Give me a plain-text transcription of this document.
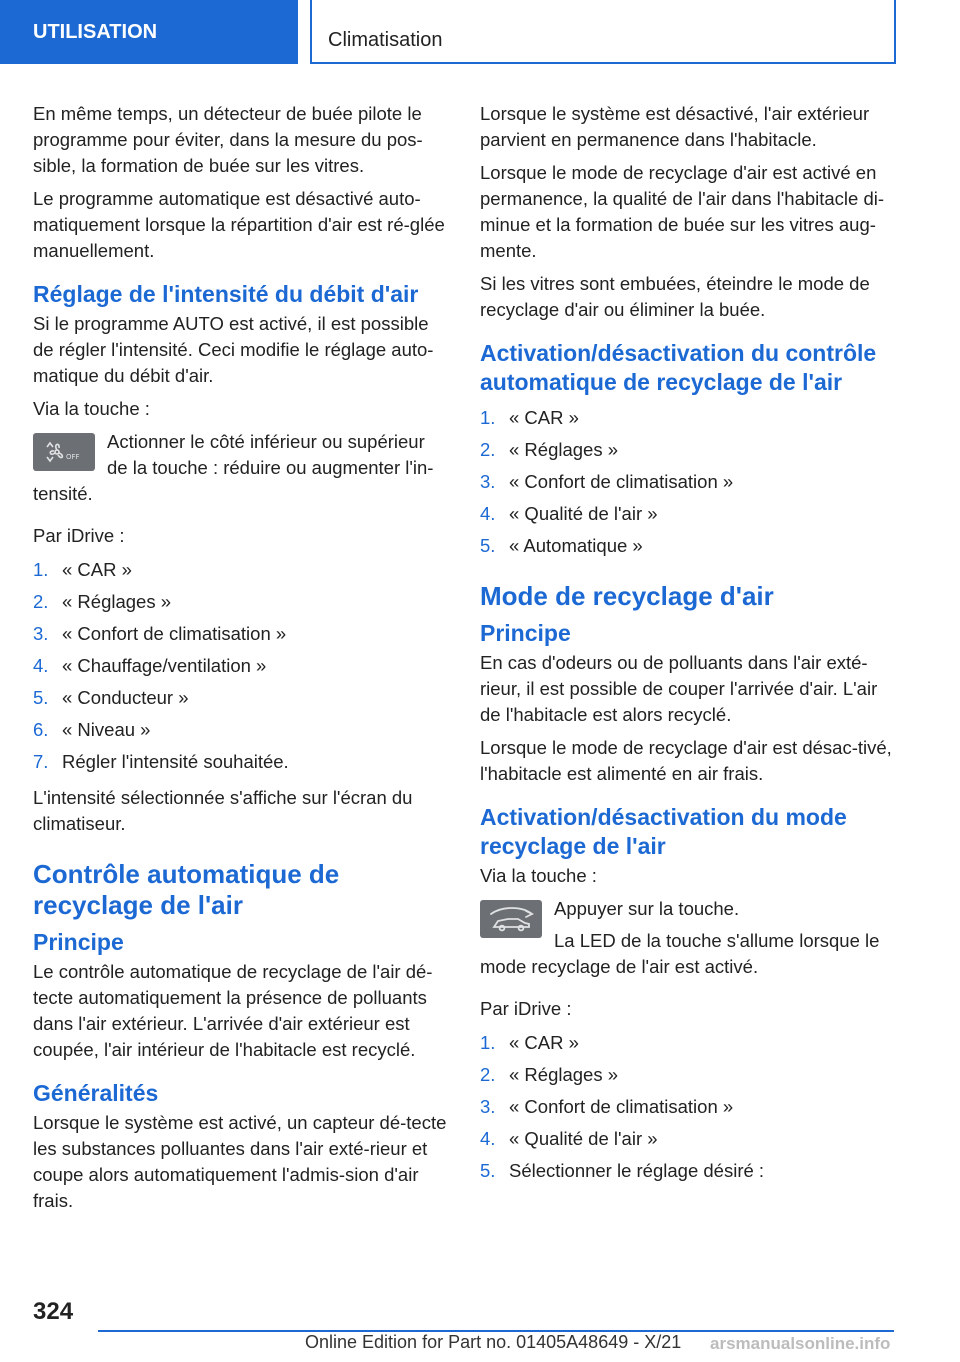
UTILISATION	Climatisation

En même temps, un détecteur de buée pilote le programme pour éviter, dans la mesure du pos-sible, la formation de buée sur les vitres.

Le programme automatique est désactivé auto-matiquement lorsque la répartition d'air est ré-glée manuellement.

Réglage de l'intensité du débit d'air

Si le programme AUTO est activé, il est possible de régler l'intensité. Ceci modifie le réglage auto-matique du débit d'air.

Via la touche :

OFF

Actionner le côté inférieur ou supérieur de la touche : réduire ou augmenter l'in-tensité.

Par iDrive :

1. « CAR »
2. « Réglages »
3. « Confort de climatisation »
4. « Chauffage/ventilation »
5. « Conducteur »
6. « Niveau »
7. Régler l'intensité souhaitée.

L'intensité sélectionnée s'affiche sur l'écran du climatiseur.

Contrôle automatique de recyclage de l'air
Principe

Le contrôle automatique de recyclage de l'air dé-tecte automatiquement la présence de polluants dans l'air extérieur. L'arrivée d'air extérieur est coupée, l'air intérieur de l'habitacle est recyclé.

Généralités

Lorsque le système est activé, un capteur dé-tecte les substances polluantes dans l'air exté-rieur et coupe alors automatiquement l'admis-sion d'air frais.

Lorsque le système est désactivé, l'air extérieur parvient en permanence dans l'habitacle.

Lorsque le mode de recyclage d'air est activé en permanence, la qualité de l'air dans l'habitacle di-minue et la formation de buée sur les vitres aug-mente.

Si les vitres sont embuées, éteindre le mode de recyclage d'air ou éliminer la buée.

Activation/désactivation du contrôle automatique de recyclage de l'air
1. « CAR »
2. « Réglages »
3. « Confort de climatisation »
4. « Qualité de l'air »
5. « Automatique »
Mode de recyclage d'air
Principe

En cas d'odeurs ou de polluants dans l'air exté-rieur, il est possible de couper l'arrivée d'air. L'air de l'habitacle est alors recyclé.

Lorsque le mode de recyclage d'air est désac-tivé, l'habitacle est alimenté en air frais.

Activation/désactivation du mode recyclage de l'air

Via la touche :

Appuyer sur la touche.

La LED de la touche s'allume lorsque le mode recyclage de l'air est activé.

Par iDrive :

1. « CAR »
2. « Réglages »
3. « Confort de climatisation »
4. « Qualité de l'air »
5. Sélectionner le réglage désiré :
324
Online Edition for Part no. 01405A48649 - X/21 arsmanualsonline.info
